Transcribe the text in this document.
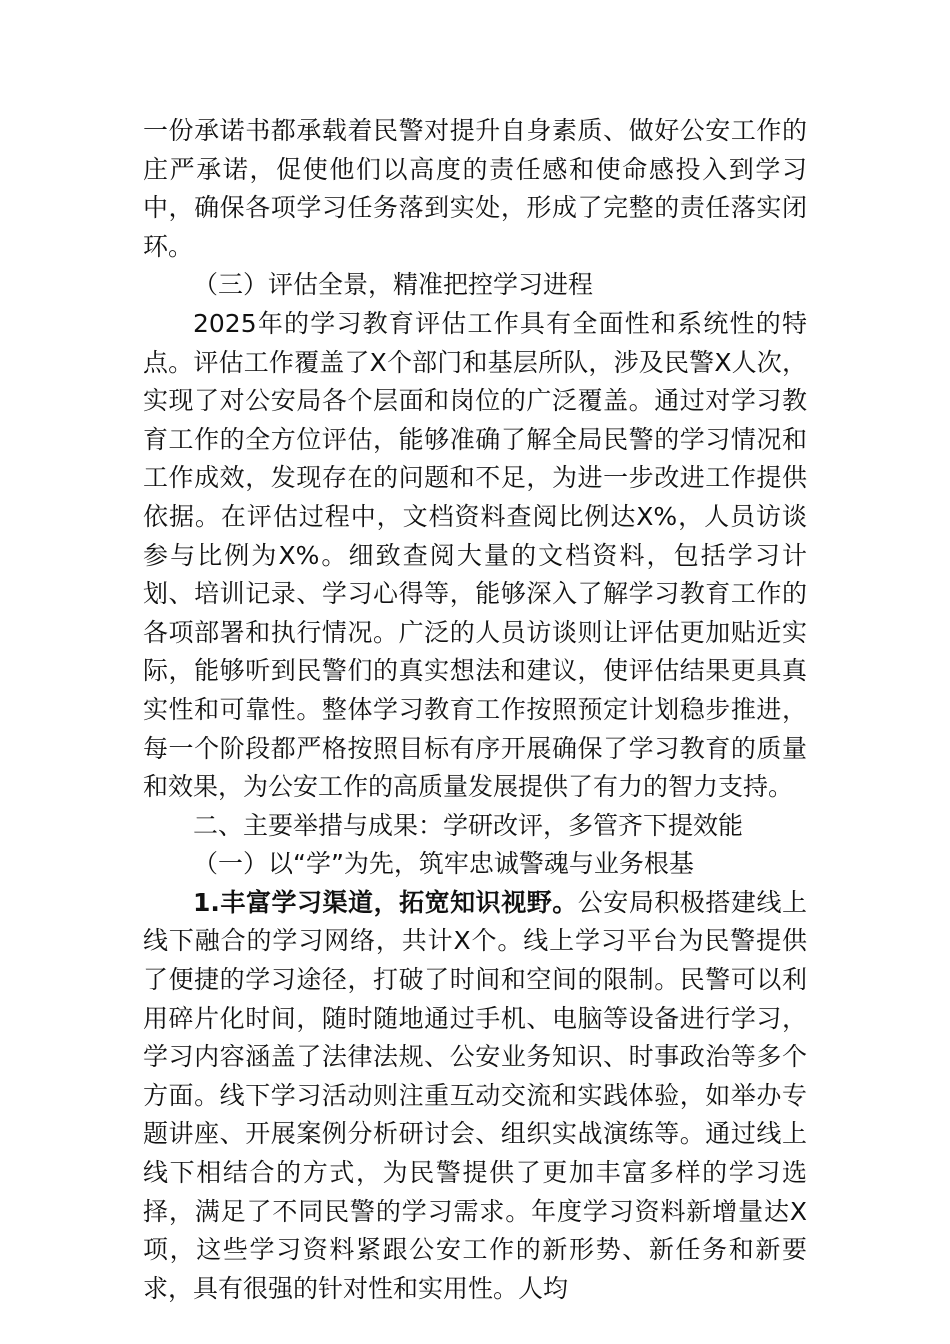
一份承诺书都承载着民警对提升自身素质、做好公安工作的庄严承诺，促使他们以高度的责任感和使命感投入到学习中，确保各项学习任务落到实处，形成了完整的责任落实闭环。

（三）评估全景，精准把控学习进程

2025年的学习教育评估工作具有全面性和系统性的特点。评估工作覆盖了X个部门和基层所队，涉及民警X人次，实现了对公安局各个层面和岗位的广泛覆盖。通过对学习教育工作的全方位评估，能够准确了解全局民警的学习情况和工作成效，发现存在的问题和不足，为进一步改进工作提供依据。在评估过程中，文档资料查阅比例达X%，人员访谈参与比例为X%。细致查阅大量的文档资料，包括学习计划、培训记录、学习心得等，能够深入了解学习教育工作的各项部署和执行情况。广泛的人员访谈则让评估更加贴近实际，能够听到民警们的真实想法和建议，使评估结果更具真实性和可靠性。整体学习教育工作按照预定计划稳步推进，每一个阶段都严格按照目标有序开展确保了学习教育的质量和效果，为公安工作的高质量发展提供了有力的智力支持。

二、主要举措与成果：学研改评，多管齐下提效能

（一）以“学”为先，筑牢忠诚警魂与业务根基

1.丰富学习渠道，拓宽知识视野。公安局积极搭建线上线下融合的学习网络，共计X个。线上学习平台为民警提供了便捷的学习途径，打破了时间和空间的限制。民警可以利用碎片化时间，随时随地通过手机、电脑等设备进行学习，学习内容涵盖了法律法规、公安业务知识、时事政治等多个方面。线下学习活动则注重互动交流和实践体验，如举办专题讲座、开展案例分析研讨会、组织实战演练等。通过线上线下相结合的方式，为民警提供了更加丰富多样的学习选择，满足了不同民警的学习需求。年度学习资料新增量达X项，这些学习资料紧跟公安工作的新形势、新任务和新要求，具有很强的针对性和实用性。人均
